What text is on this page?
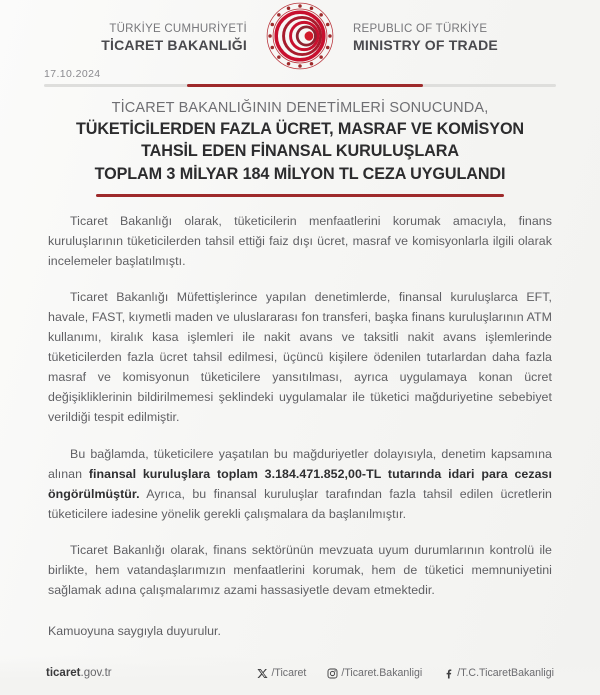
TÜRKİYE CUMHURİYETİ
TİCARET BAKANLIĞI
REPUBLIC OF TÜRKİYE
MINISTRY OF TRADE
17.10.2024
TİCARET BAKANLIĞININ DENETİMLERİ SONUCUNDA,
TÜKETİCİLERDEN FAZLA ÜCRET, MASRAF VE KOMİSYON
TAHSİL EDEN FİNANSAL KURULUŞLARA
TOPLAM 3 MİLYAR 184 MİLYON TL CEZA UYGULANDI

Ticaret Bakanlığı olarak, tüketicilerin menfaatlerini korumak amacıyla, finans kuruluşlarının tüketicilerden tahsil ettiği faiz dışı ücret, masraf ve komisyonlarla ilgili olarak incelemeler başlatılmıştı.

Ticaret Bakanlığı Müfettişlerince yapılan denetimlerde, finansal kuruluşlarca EFT, havale, FAST, kıymetli maden ve uluslararası fon transferi, başka finans kuruluşlarının ATM kullanımı, kiralık kasa işlemleri ile nakit avans ve taksitli nakit avans işlemlerinde tüketicilerden fazla ücret tahsil edilmesi, üçüncü kişilere ödenilen tutarlardan daha fazla masraf ve komisyonun tüketicilere yansıtılması, ayrıca uygulamaya konan ücret değişikliklerinin bildirilmemesi şeklindeki uygulamalar ile tüketici mağduriyetine sebebiyet verildiği tespit edilmiştir.

Bu bağlamda, tüketicilere yaşatılan bu mağduriyetler dolayısıyla, denetim kapsamına alınan finansal kuruluşlara toplam 3.184.471.852,00-TL tutarında idari para cezası öngörülmüştür. Ayrıca, bu finansal kuruluşlar tarafından fazla tahsil edilen ücretlerin tüketicilere iadesine yönelik gerekli çalışmalara da başlanılmıştır.

Ticaret Bakanlığı olarak, finans sektörünün mevzuata uyum durumlarının kontrolü ile birlikte, hem vatandaşlarımızın menfaatlerini korumak, hem de tüketici memnuniyetini sağlamak adına çalışmalarımız azami hassasiyetle devam etmektedir.

Kamuoyuna saygıyla duyurulur.

ticaret.gov.tr	/Ticaret	/Ticaret.Bakanligi	/T.C.TicaretBakanligi
